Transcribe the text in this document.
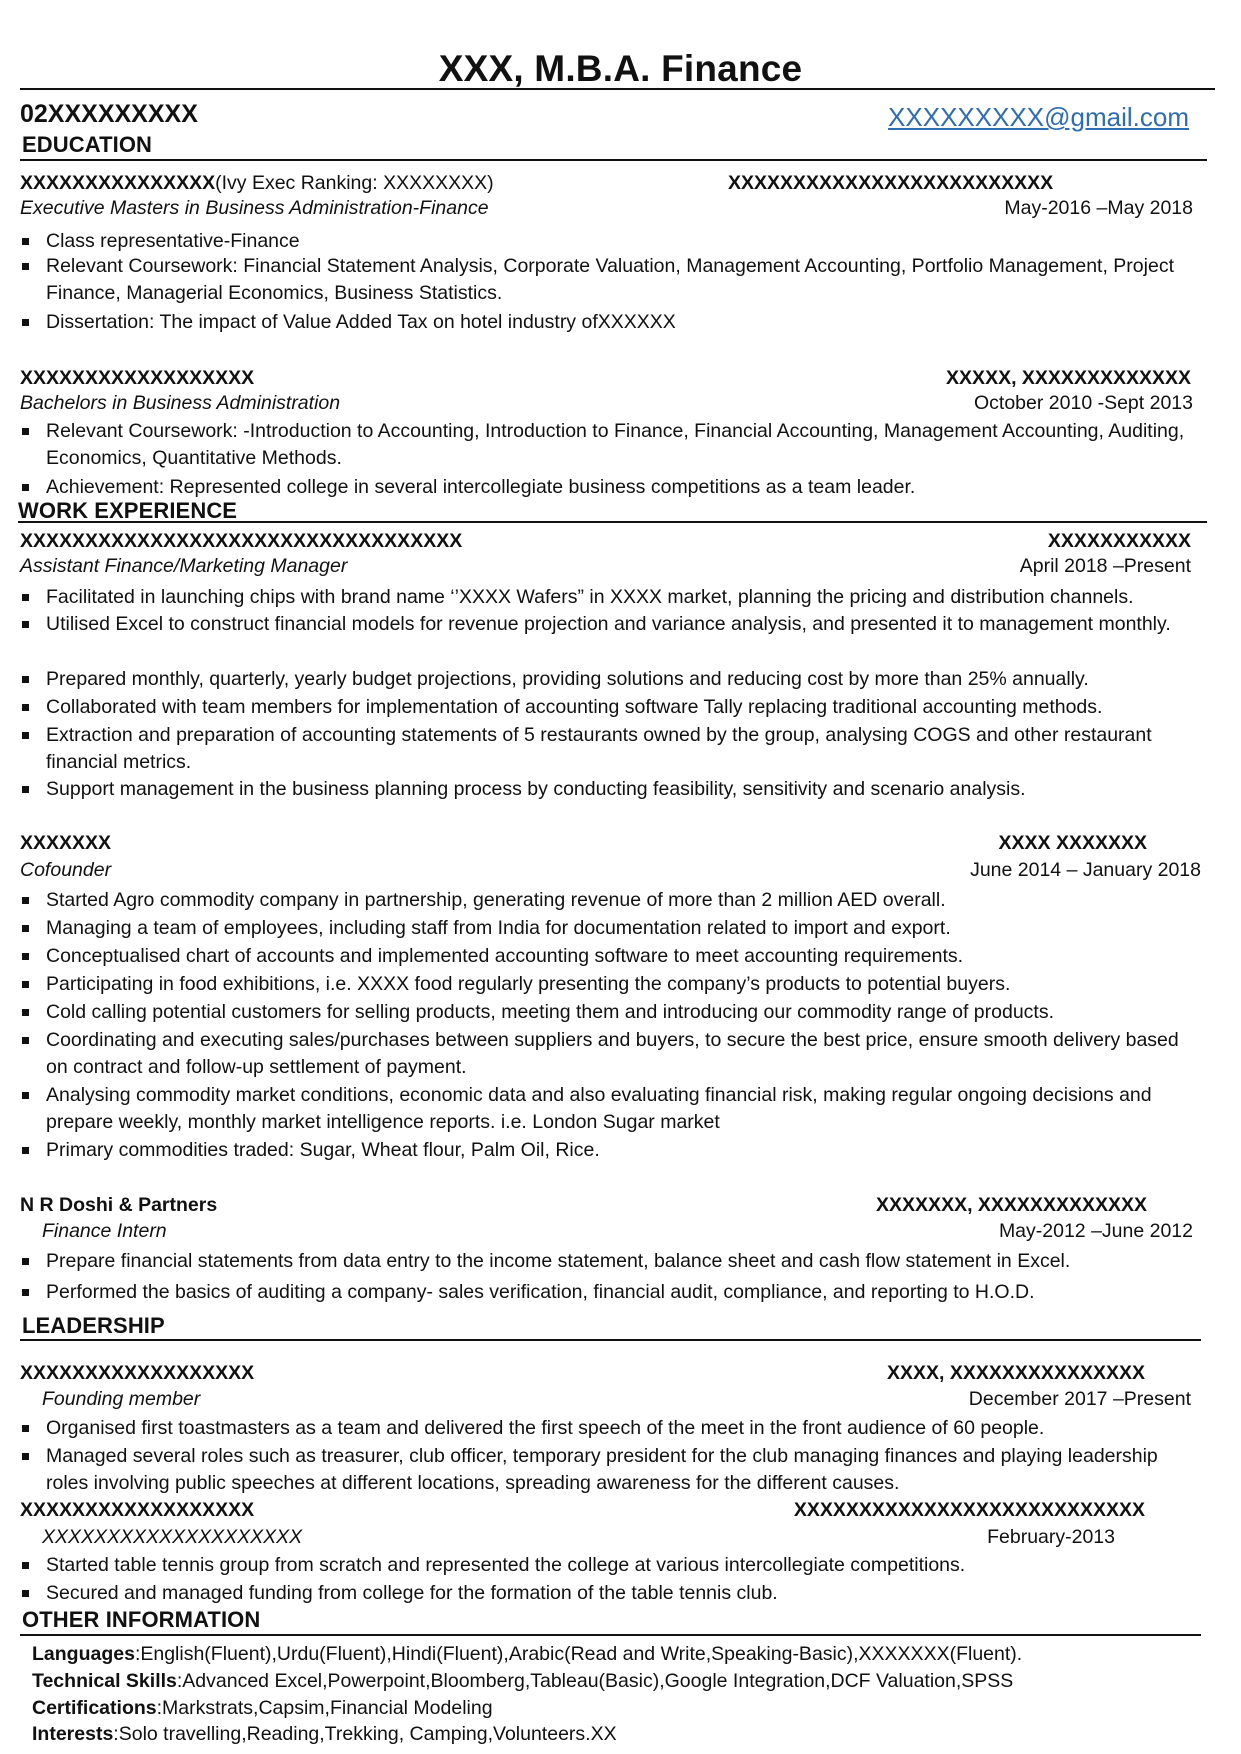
XXX, M.B.A. Finance
02XXXXXXXXX	XXXXXXXXX@gmail.com
EDUCATION
XXXXXXXXXXXXXXX(Ivy Exec Ranking: XXXXXXXX)	XXXXXXXXXXXXXXXXXXXXXXXXX
Executive Masters in Business Administration-Finance	May-2016 –May 2018
Class representative-Finance
Relevant Coursework: Financial Statement Analysis, Corporate Valuation, Management Accounting, Portfolio Management, Project Finance, Managerial Economics, Business Statistics.
Dissertation: The impact of Value Added Tax on hotel industry ofXXXXXX
XXXXXXXXXXXXXXXXXX	XXXXX, XXXXXXXXXXXXX
Bachelors in Business Administration	October 2010 -Sept 2013
Relevant Coursework: -Introduction to Accounting, Introduction to Finance, Financial Accounting, Management Accounting, Auditing, Economics, Quantitative Methods.
Achievement: Represented college in several intercollegiate business competitions as a team leader.
WORK EXPERIENCE
XXXXXXXXXXXXXXXXXXXXXXXXXXXXXXXXXX	XXXXXXXXXXX
Assistant Finance/Marketing Manager	April 2018 –Present
Facilitated in launching chips with brand name ‘’XXXX Wafers” in XXXX market, planning the pricing and distribution channels.
Utilised Excel to construct financial models for revenue projection and variance analysis, and presented it to management monthly.
Prepared monthly, quarterly, yearly budget projections, providing solutions and reducing cost by more than 25% annually.
Collaborated with team members for implementation of accounting software Tally replacing traditional accounting methods.
Extraction and preparation of accounting statements of 5 restaurants owned by the group, analysing COGS and other restaurant financial metrics.
Support management in the business planning process by conducting feasibility, sensitivity and scenario analysis.
XXXXXXX	XXXX XXXXXXX
Cofounder	June 2014 – January 2018
Started Agro commodity company in partnership, generating revenue of more than 2 million AED overall.
Managing a team of employees, including staff from India for documentation related to import and export.
Conceptualised chart of accounts and implemented accounting software to meet accounting requirements.
Participating in food exhibitions, i.e. XXXX food regularly presenting the company’s products to potential buyers.
Cold calling potential customers for selling products, meeting them and introducing our commodity range of products.
Coordinating and executing sales/purchases between suppliers and buyers, to secure the best price, ensure smooth delivery based on contract and follow-up settlement of payment.
Analysing commodity market conditions, economic data and also evaluating financial risk, making regular ongoing decisions and prepare weekly, monthly market intelligence reports. i.e. London Sugar market
Primary commodities traded: Sugar, Wheat flour, Palm Oil, Rice.
N R Doshi & Partners	XXXXXXX, XXXXXXXXXXXXX
Finance Intern	May-2012 –June 2012
Prepare financial statements from data entry to the income statement, balance sheet and cash flow statement in Excel.
Performed the basics of auditing a company- sales verification, financial audit, compliance, and reporting to H.O.D.
LEADERSHIP
XXXXXXXXXXXXXXXXXX	XXXX, XXXXXXXXXXXXXXX
Founding member	December 2017 –Present
Organised first toastmasters as a team and delivered the first speech of the meet in the front audience of 60 people.
Managed several roles such as treasurer, club officer, temporary president for the club managing finances and playing leadership roles involving public speeches at different locations, spreading awareness for the different causes.
XXXXXXXXXXXXXXXXXX	XXXXXXXXXXXXXXXXXXXXXXXXXXX
XXXXXXXXXXXXXXXXXXXX	February-2013
Started table tennis group from scratch and represented the college at various intercollegiate competitions.
Secured and managed funding from college for the formation of the table tennis club.
OTHER INFORMATION
Languages:English(Fluent),Urdu(Fluent),Hindi(Fluent),Arabic(Read and Write,Speaking-Basic),XXXXXXX(Fluent).
Technical Skills:Advanced Excel,Powerpoint,Bloomberg,Tableau(Basic),Google Integration,DCF Valuation,SPSS
Certifications:Markstrats,Capsim,Financial Modeling
Interests:Solo travelling,Reading,Trekking, Camping,Volunteers.XX
